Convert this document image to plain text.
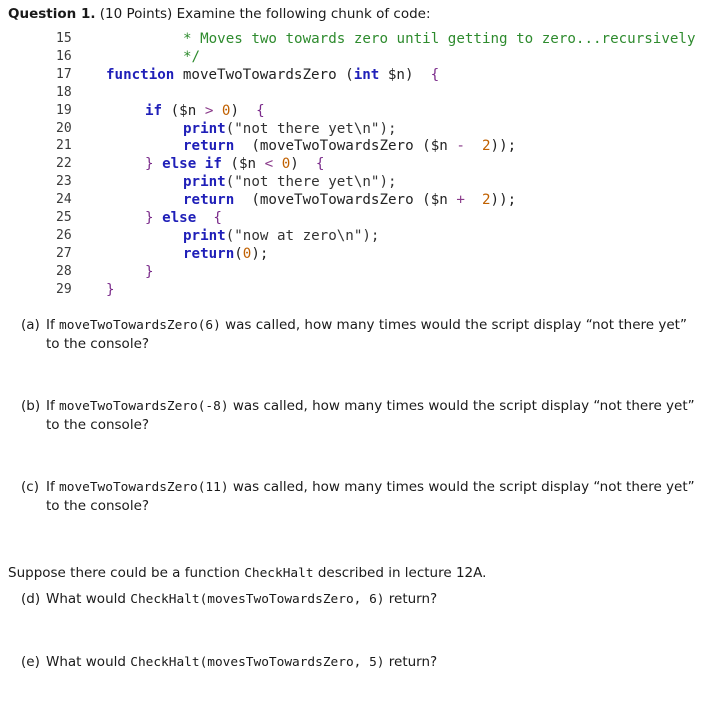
Question 1. (10 Points) Examine the following chunk of code:
15	* Moves two towards zero until getting to zero...recursively
16	*/
17	function moveTwoTowardsZero (int $n)  {
18
19	if ($n > 0)  {
20	print("not there yet\n");
21	return  (moveTwoTowardsZero ($n - 2));
22	} else if ($n < 0)  {
23	print("not there yet\n");
24	return  (moveTwoTowardsZero ($n + 2));
25	} else {
26	print("now at zero\n");
27	return(0);
28	}
29	}
(a) If moveTwoTowardsZero(6) was called, how many times would the script display “not there yet” to the console?
(b) If moveTwoTowardsZero(-8) was called, how many times would the script display “not there yet” to the console?
(c) If moveTwoTowardsZero(11) was called, how many times would the script display “not there yet” to the console?
(d) What would CheckHalt(movesTwoTowardsZero, 6) return?
(e) What would CheckHalt(movesTwoTowardsZero, 5) return?
Suppose there could be a function CheckHalt described in lecture 12A.
